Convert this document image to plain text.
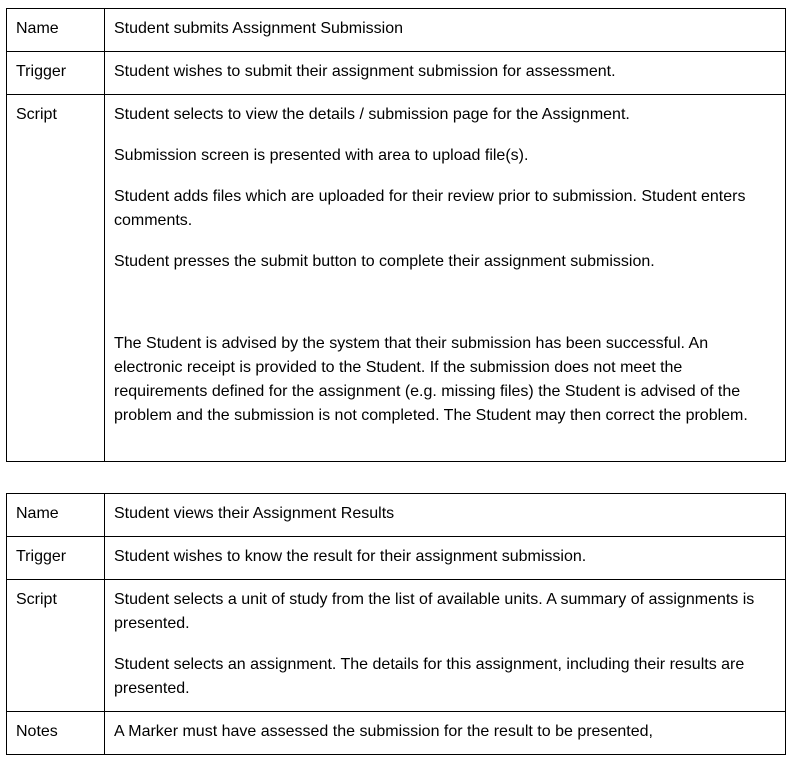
Name	Student submits Assignment Submission

Trigger	Student wishes to submit their assignment submission for assessment.

Script	Student selects to view the details / submission page for the Assignment.

Submission screen is presented with area to upload file(s).

Student adds files which are uploaded for their review prior to submission. Student enters comments.

Student presses the submit button to complete their assignment submission.

The Student is advised by the system that their submission has been successful. An electronic receipt is provided to the Student. If the submission does not meet the requirements defined for the assignment (e.g. missing files) the Student is advised of the problem and the submission is not completed. The Student may then correct the problem.

Name	Student views their Assignment Results

Trigger	Student wishes to know the result for their assignment submission.

Script	Student selects a unit of study from the list of available units. A summary of assignments is presented.

Student selects an assignment. The details for this assignment, including their results are presented.

Notes	A Marker must have assessed the submission for the result to be presented,
